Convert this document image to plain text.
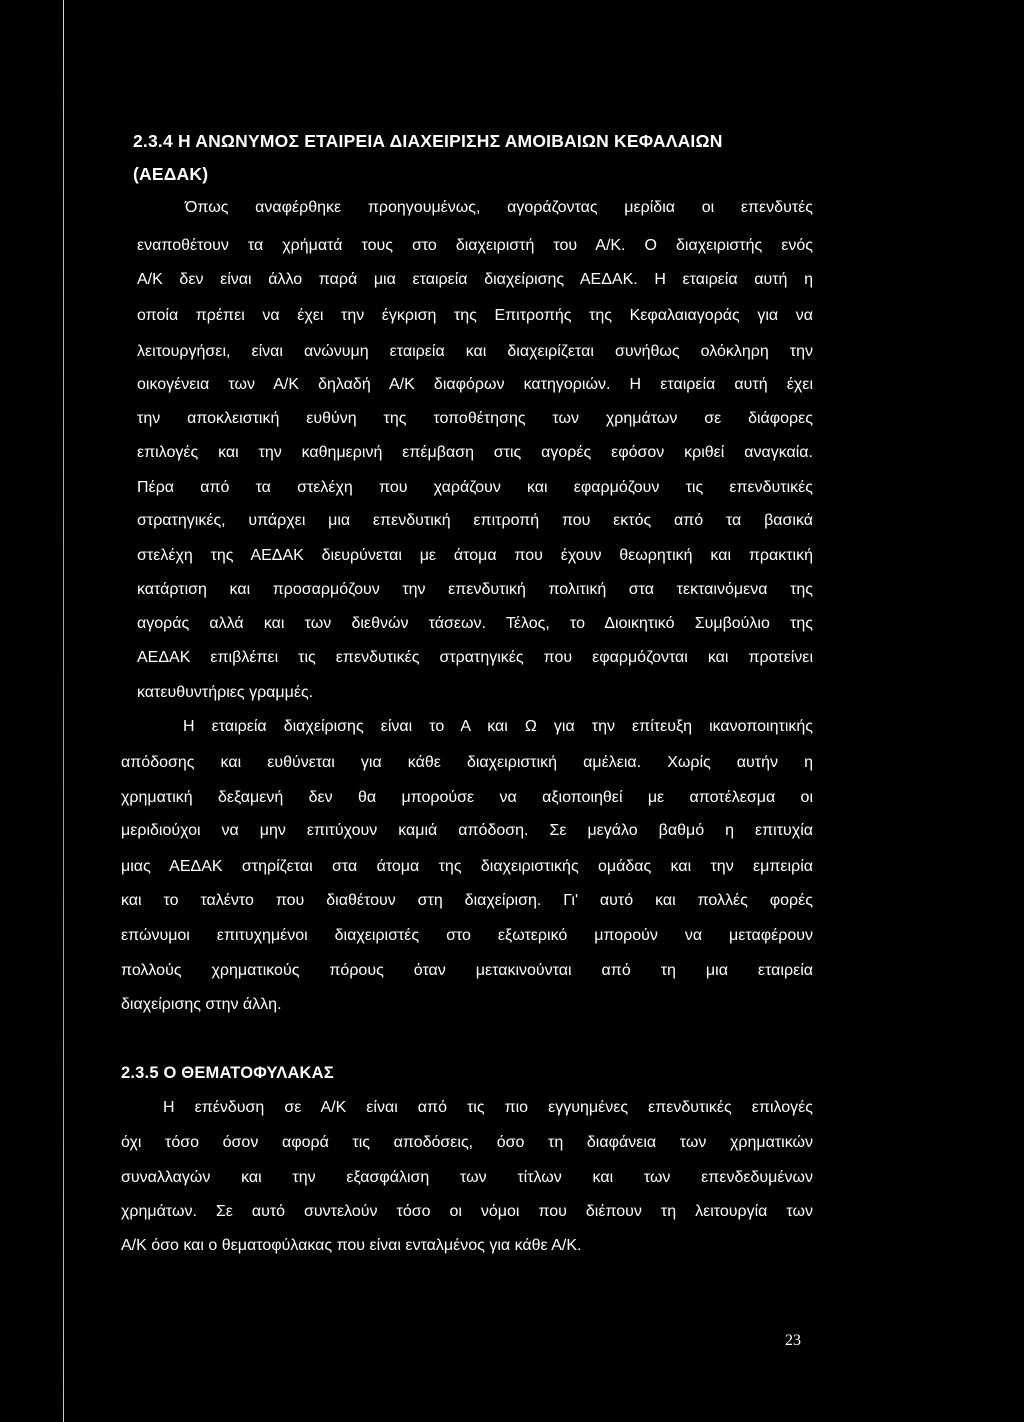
2.3.4 Η ΑΝΩΝΥΜΟΣ ΕΤΑΙΡΕΙΑ ΔΙΑΧΕΙΡΙΣΗΣ ΑΜΟΙΒΑΙΩΝ ΚΕΦΑΛΑΙΩΝ
(ΑΕΔΑΚ)
Όπως αναφέρθηκε προηγουμένως, αγοράζοντας μερίδια οι επενδυτές
εναποθέτουν τα χρήματά τους στο διαχειριστή του Α/Κ. Ο διαχειριστής ενός
Α/Κ δεν είναι άλλο παρά μια εταιρεία διαχείρισης ΑΕΔΑΚ. Η εταιρεία αυτή η
οποία πρέπει να έχει την έγκριση της Επιτροπής της Κεφαλαιαγοράς για να
λειτουργήσει, είναι ανώνυμη εταιρεία και διαχειρίζεται συνήθως ολόκληρη την
οικογένεια των Α/Κ δηλαδή Α/Κ διαφόρων κατηγοριών. Η εταιρεία αυτή έχει
την αποκλειστική ευθύνη της τοποθέτησης των χρημάτων σε διάφορες
επιλογές και την καθημερινή επέμβαση στις αγορές εφόσον κριθεί αναγκαία.
Πέρα από τα στελέχη που χαράζουν και εφαρμόζουν τις επενδυτικές
στρατηγικές, υπάρχει μια επενδυτική επιτροπή που εκτός από τα βασικά
στελέχη της ΑΕΔΑΚ διευρύνεται με άτομα που έχουν θεωρητική και πρακτική
κατάρτιση και προσαρμόζουν την επενδυτική πολιτική στα τεκταινόμενα της
αγοράς αλλά και των διεθνών τάσεων. Τέλος, το Διοικητικό Συμβούλιο της
ΑΕΔΑΚ επιβλέπει τις επενδυτικές στρατηγικές που εφαρμόζονται και προτείνει
κατευθυντήριες γραμμές.
Η εταιρεία διαχείρισης είναι το Α και Ω για την επίτευξη ικανοποιητικής
απόδοσης και ευθύνεται για κάθε διαχειριστική αμέλεια. Χωρίς αυτήν η
χρηματική δεξαμενή δεν θα μπορούσε να αξιοποιηθεί με αποτέλεσμα οι
μεριδιούχοι να μην επιτύχουν καμιά απόδοση. Σε μεγάλο βαθμό η επιτυχία
μιας ΑΕΔΑΚ στηρίζεται στα άτομα της διαχειριστικής ομάδας και την εμπειρία
και το ταλέντο που διαθέτουν στη διαχείριση. Γι' αυτό και πολλές φορές
επώνυμοι επιτυχημένοι διαχειριστές στο εξωτερικό μπορούν να μεταφέρουν
πολλούς χρηματικούς πόρους όταν μετακινούνται από τη μια εταιρεία
διαχείρισης στην άλλη.
2.3.5 Ο ΘΕΜΑΤΟΦΥΛΑΚΑΣ
Η επένδυση σε Α/Κ είναι από τις πιο εγγυημένες επενδυτικές επιλογές
όχι τόσο όσον αφορά τις αποδόσεις, όσο τη διαφάνεια των χρηματικών
συναλλαγών και την εξασφάλιση των τίτλων και των επενδεδυμένων
χρημάτων. Σε αυτό συντελούν τόσο οι νόμοι που διέπουν τη λειτουργία των
Α/Κ όσο και ο θεματοφύλακας που είναι ενταλμένος για κάθε Α/Κ.
23
